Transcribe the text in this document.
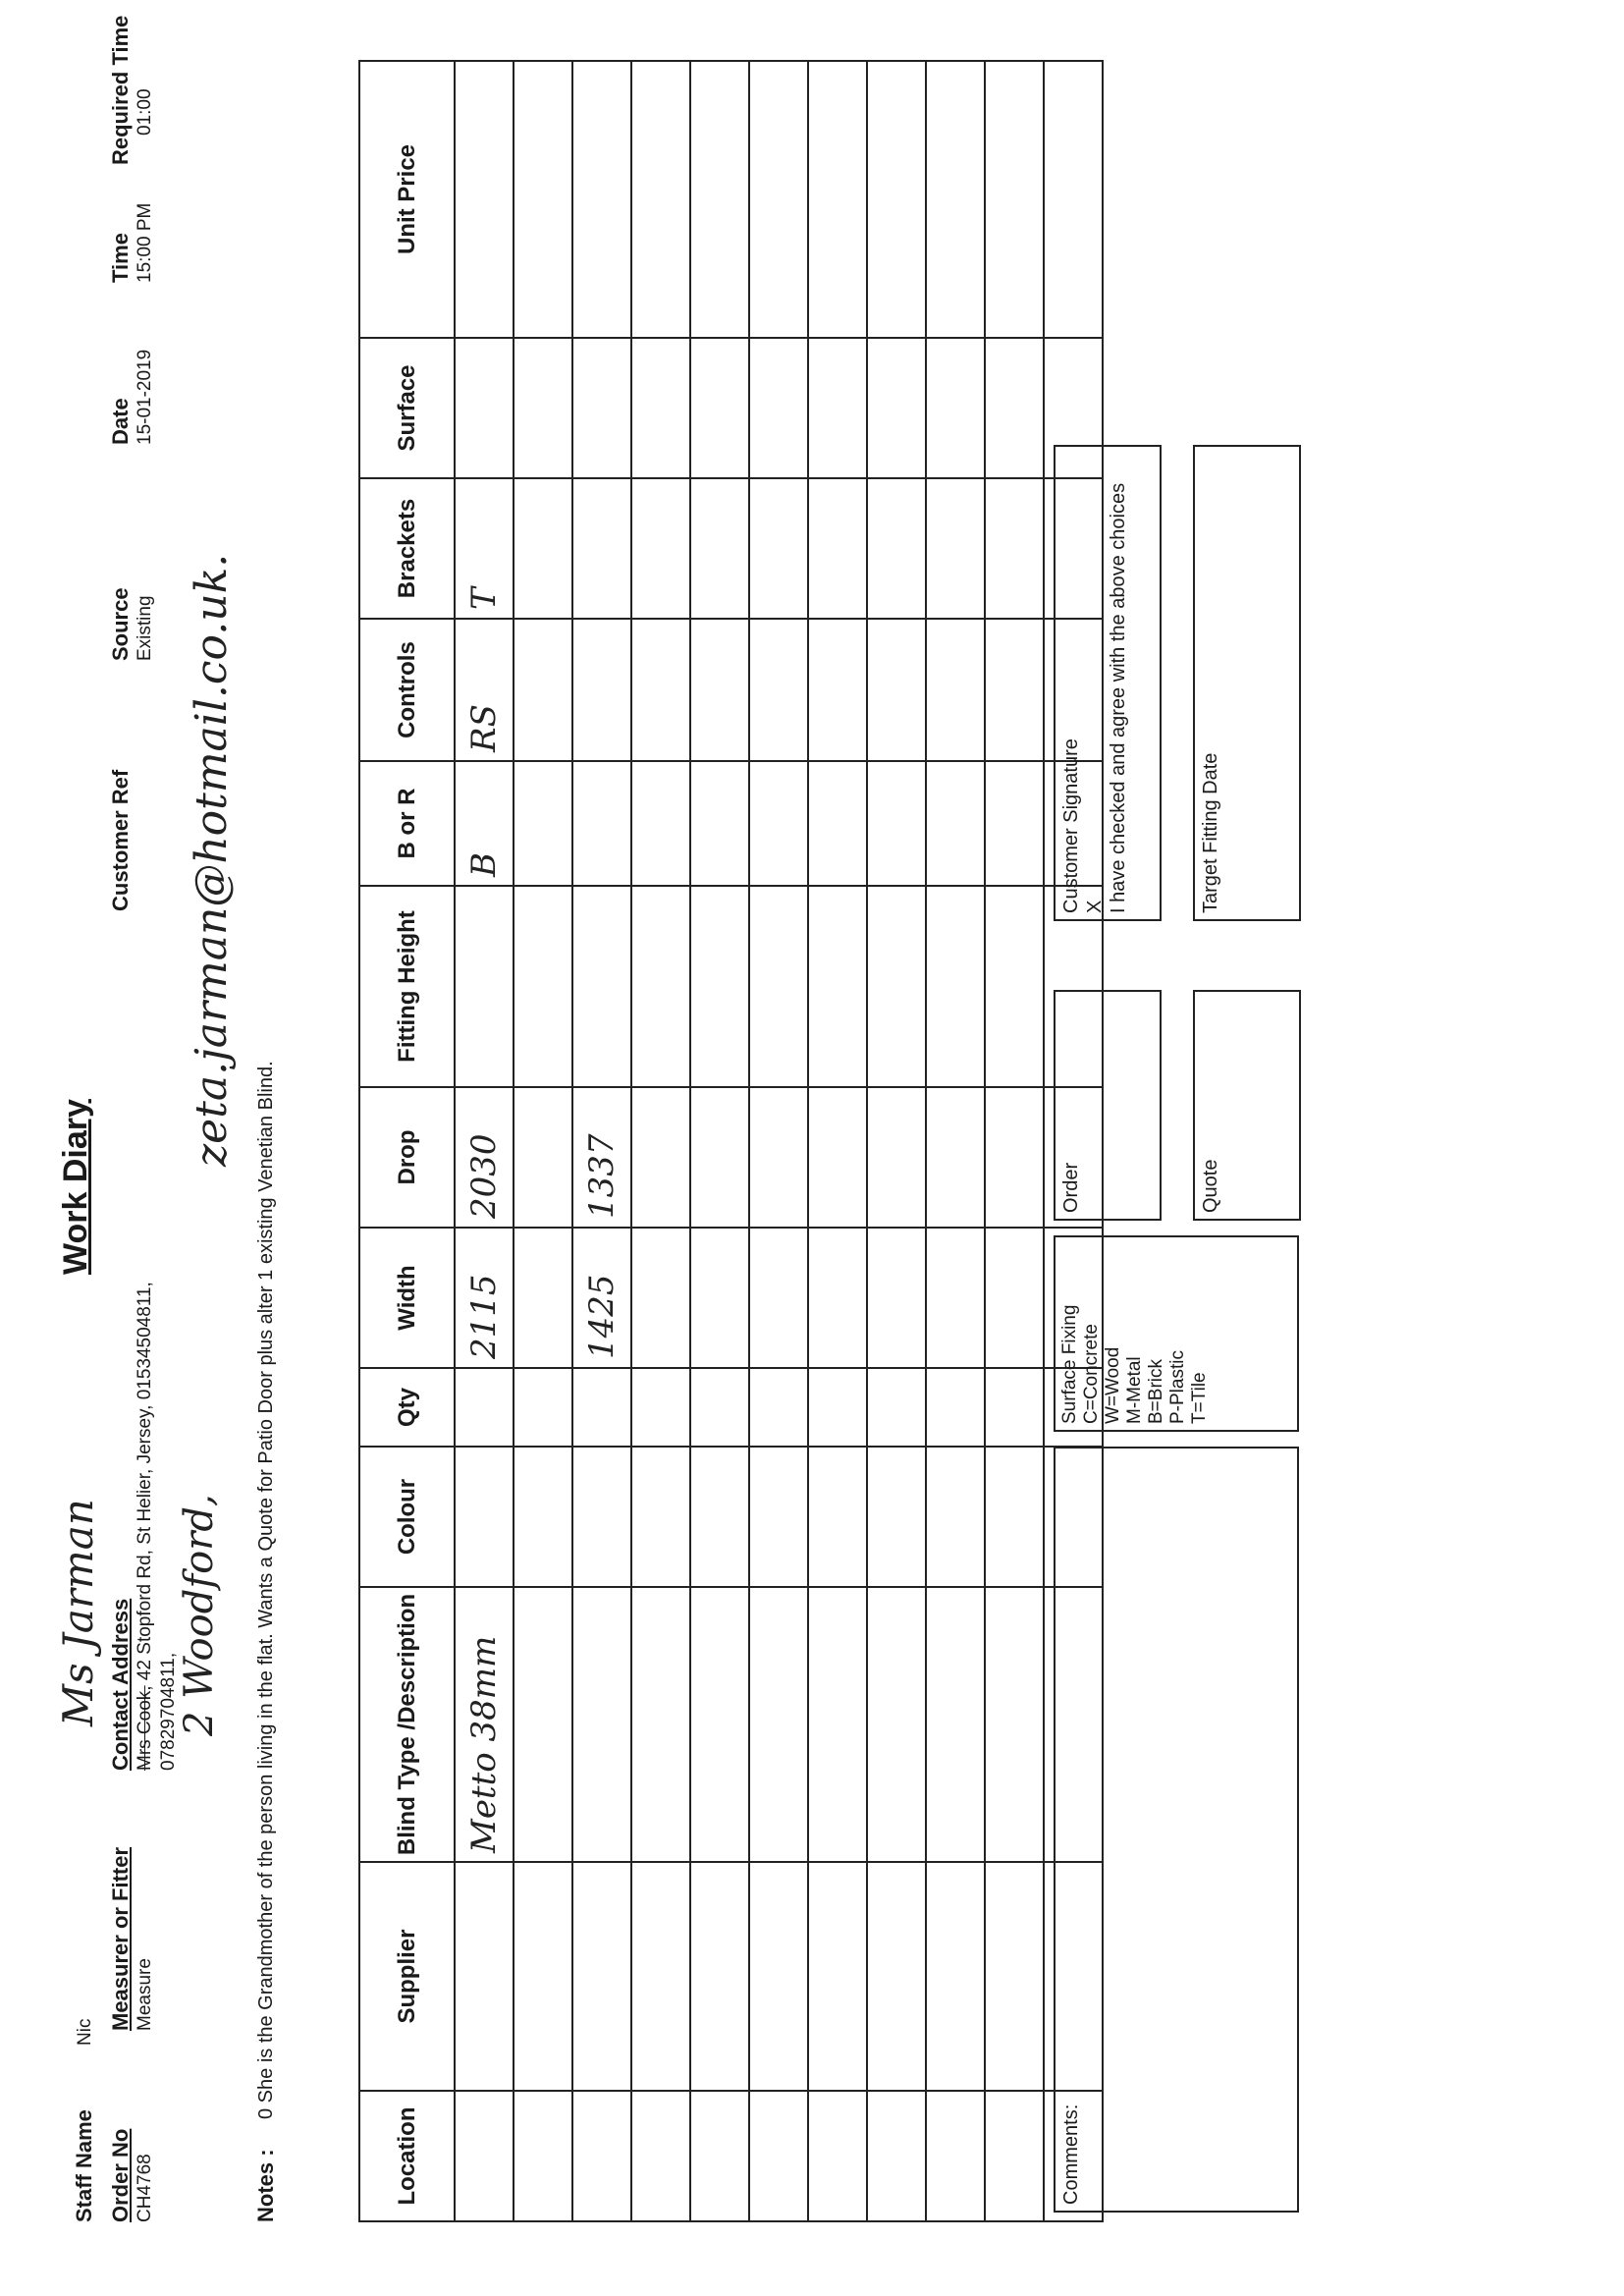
Staff Name
Nic
Order No CH4768
Measurer or Fitter Measure
Contact Address Mrs Cook, 42 Stopford Rd, St Helier, Jersey, 01534504811,
07829704811,
Work Diary
Customer Ref
Source Existing
Date 15-01-2019
Time 15:00 PM
Required Time 01:00
Ms Jarman 2 Woodford,
zeta.jarman@hotmail.co.uk.
Notes :
0 She is the Grandmother of the person living in the flat. Wants a Quote for Patio Door plus alter 1 existing Venetian Blind.
Location	Supplier	Blind Type /Description	Colour	Qty	Width	Drop	Fitting Height	B or R	Controls	Brackets	Surface	Unit Price
		Metto 38mm			2115	2030		B	RS	T		

					1425	1337						

Comments:
Surface Fixing C=Concrete W=Wood M-Metal B=Brick P-Plastic T=Tile
Order	Quote
Customer Signature X I have checked and agree with the above choices	Target Fitting Date
